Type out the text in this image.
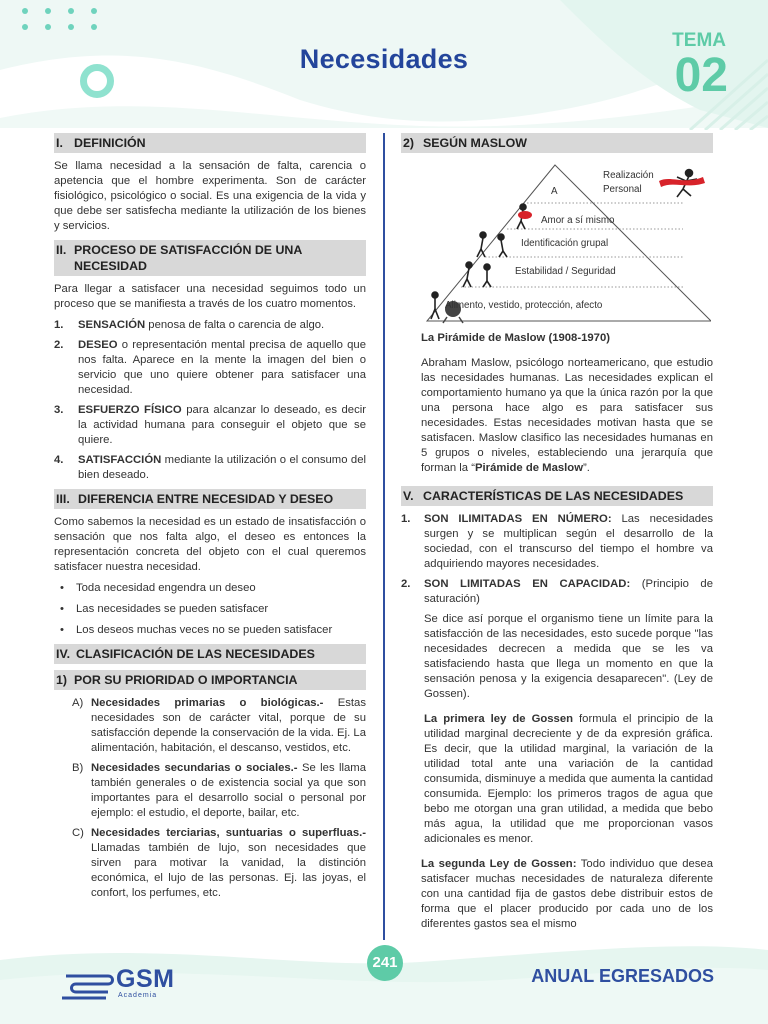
Necesidades
TEMA
02
I. DEFINICIÓN

Se llama necesidad a la sensación de falta, carencia o apetencia que el hombre experimenta. Son de carácter fisiológico, psicológico o social. Es una exigencia de la vida y que debe ser satisfecha mediante la utilización de los bienes y servicios.

II. PROCESO DE SATISFACCIÓN DE UNA NECESIDAD

Para llegar a satisfacer una necesidad seguimos todo un proceso que se manifiesta a través de los cuatro momentos.

1.	SENSACIÓN penosa de falta o carencia de algo.
2.	DESEO o representación mental precisa de aquello que nos falta. Aparece en la mente la imagen del bien o servicio que uno quiere obtener para satisfacer una necesidad.
3.	ESFUERZO FÍSICO para alcanzar lo deseado, es decir la actividad humana para conseguir el objeto que se quiere.
4.	SATISFACCIÓN mediante la utilización o el consumo del bien deseado.
III. DIFERENCIA ENTRE NECESIDAD Y DESEO

Como sabemos la necesidad es un estado de insatisfacción o sensación que nos falta algo, el deseo es entonces la representación concreta del objeto con el cual queremos satisfacer nuestra necesidad.

•	Toda necesidad engendra un deseo
•	Las necesidades se pueden satisfacer
•	Los deseos muchas veces no se pueden satisfacer
IV. CLASIFICACIÓN DE LAS NECESIDADES
1) POR SU PRIORIDAD O IMPORTANCIA
A) Necesidades primarias o biológicas.- Estas necesidades son de carácter vital, porque de su satisfacción depende la conservación de la vida. Ej. La alimentación, habitación, el descanso, vestidos, etc.
B) Necesidades secundarias o sociales.- Se les llama también generales o de existencia social ya que son importantes para el desarrollo social o personal por ejemplo: el estudio, el deporte, bailar, etc.
C) Necesidades terciarias, suntuarias o superfluas.- Llamadas también de lujo, son necesidades que sirven para motivar la vanidad, la distinción económica, el lujo de las personas. Ej. las joyas, el confort, los perfumes, etc.
2) SEGÚN MASLOW
A
Realización
Personal
Amor a sí mismo
Identificación grupal
Estabilidad / Seguridad
Alimento, vestido, protección, afecto
La Pirámide de Maslow (1908-1970)

Abraham Maslow, psicólogo norteamericano, que estudio las necesidades humanas. Las necesidades explican el comportamiento humano ya que la única razón por la que una persona hace algo es para satisfacer sus necesidades. Estas necesidades motivan hasta que se satisfacen. Maslow clasifico las necesidades humanas en 5 grupos o niveles, estableciendo una jerarquía que forman la “Pirámide de Maslow”.

V. CARACTERÍSTICAS DE LAS NECESIDADES
1.	SON ILIMITADAS EN NÚMERO: Las necesidades surgen y se multiplican según el desarrollo de la sociedad, con el transcurso del tiempo el hombre va adquiriendo mayores necesidades.
2.	SON LIMITADAS EN CAPACIDAD: (Principio de saturación)

Se dice así porque el organismo tiene un límite para la satisfacción de las necesidades, esto sucede porque "las necesidades decrecen a medida que se les va satisfaciendo hasta que llega un momento en que la sensación penosa y la exigencia desaparecen". (Ley de Gossen).

La primera ley de Gossen formula el principio de la utilidad marginal decreciente y de da expresión gráfica. Es decir, que la utilidad marginal, la variación de la utilidad total ante una variación de la cantidad consumida, disminuye a medida que aumenta la cantidad consumida. Ejemplo: los primeros tragos de agua que bebo me otorgan una gran utilidad, a medida que bebo más agua, la utilidad que me proporcionan vasos adicionales es menor.

La segunda Ley de Gossen: Todo individuo que desea satisfacer muchas necesidades de naturaleza diferente con una cantidad fija de gastos debe distribuir estos de forma que el placer producido por cada uno de los diferentes gastos sea el mismo

241
GSM
Academia
ANUAL EGRESADOS
